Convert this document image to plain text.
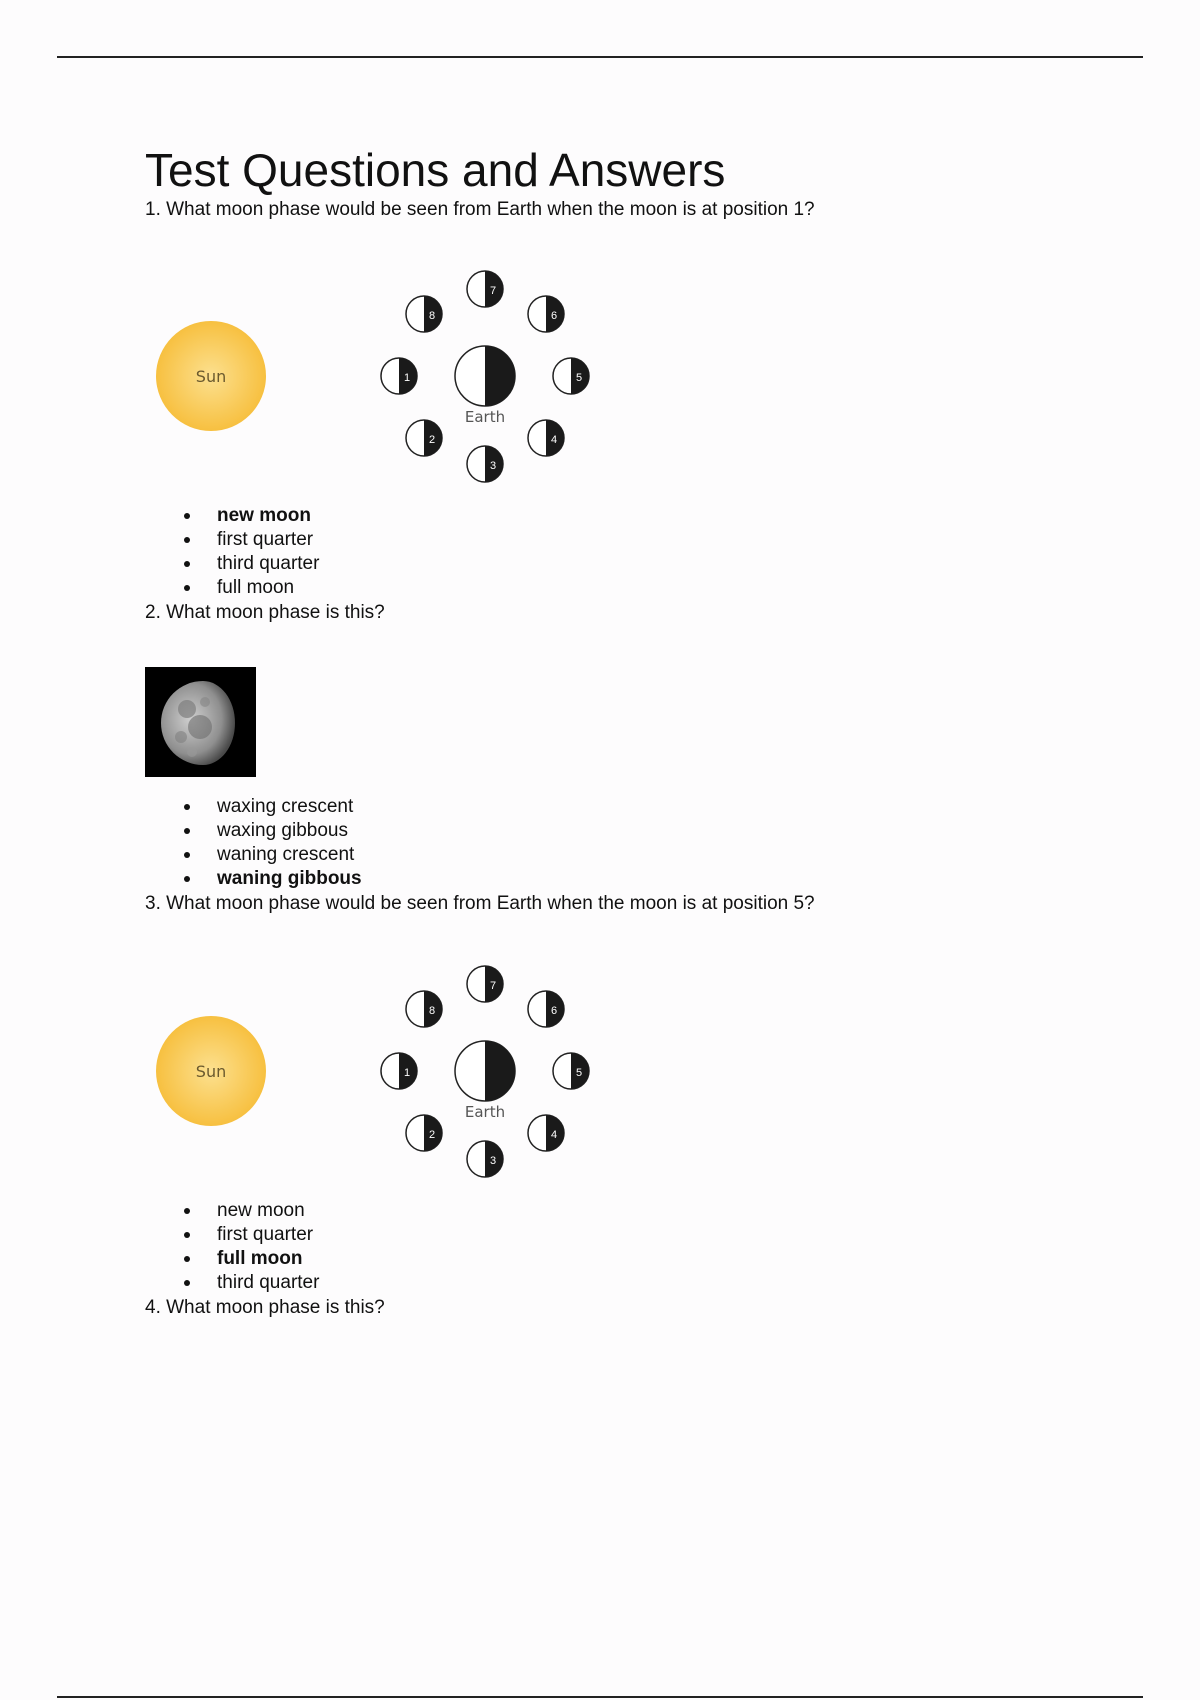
Test Questions and Answers
1. What moon phase would be seen from Earth when the moon is at position 1?
Sun
Earth
1
2
3
4
5
6
7
8
new moon
first quarter
third quarter
full moon
2. What moon phase is this?
waxing crescent
waxing gibbous
waning crescent
waning gibbous
3. What moon phase would be seen from Earth when the moon is at position 5?
Sun
Earth
1
2
3
4
5
6
7
8
new moon
first quarter
full moon
third quarter
4. What moon phase is this?
